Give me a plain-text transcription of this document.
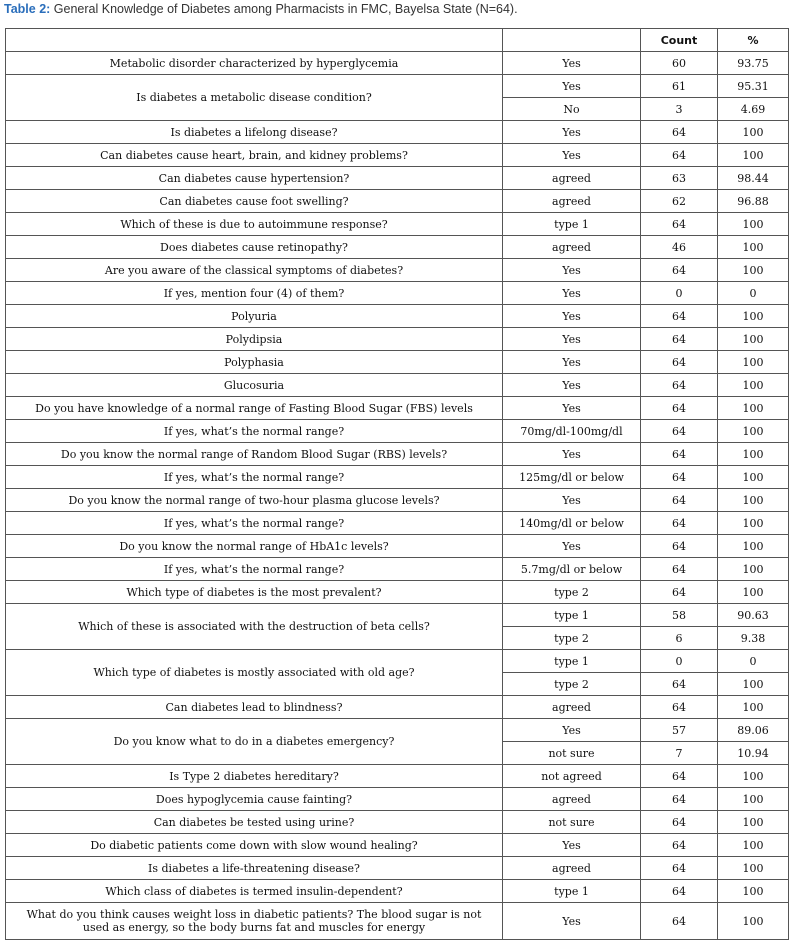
Table 2: General Knowledge of Diabetes among Pharmacists in FMC, Bayelsa State (N=64).
		Count	%
Metabolic disorder characterized by hyperglycemia	Yes	60	93.75
Is diabetes a metabolic disease condition?	Yes	61	95.31
	No	3	4.69
Is diabetes a lifelong disease?	Yes	64	100
Can diabetes cause heart, brain, and kidney problems?	Yes	64	100
Can diabetes cause hypertension?	agreed	63	98.44
Can diabetes cause foot swelling?	agreed	62	96.88
Which of these is due to autoimmune response?	type 1	64	100
Does diabetes cause retinopathy?	agreed	46	100
Are you aware of the classical symptoms of diabetes?	Yes	64	100
If yes, mention four (4) of them?	Yes	0	0
Polyuria	Yes	64	100
Polydipsia	Yes	64	100
Polyphasia	Yes	64	100
Glucosuria	Yes	64	100
Do you have knowledge of a normal range of Fasting Blood Sugar (FBS) levels	Yes	64	100
If yes, what’s the normal range?	70mg/dl-100mg/dl	64	100
Do you know the normal range of Random Blood Sugar (RBS) levels?	Yes	64	100
If yes, what’s the normal range?	125mg/dl or below	64	100
Do you know the normal range of two-hour plasma glucose levels?	Yes	64	100
If yes, what’s the normal range?	140mg/dl or below	64	100
Do you know the normal range of HbA1c levels?	Yes	64	100
If yes, what’s the normal range?	5.7mg/dl or below	64	100
Which type of diabetes is the most prevalent?	type 2	64	100
Which of these is associated with the destruction of beta cells?	type 1	58	90.63
	type 2	6	9.38
Which type of diabetes is mostly associated with old age?	type 1	0	0
	type 2	64	100
Can diabetes lead to blindness?	agreed	64	100
Do you know what to do in a diabetes emergency?	Yes	57	89.06
	not sure	7	10.94
Is Type 2 diabetes hereditary?	not agreed	64	100
Does hypoglycemia cause fainting?	agreed	64	100
Can diabetes be tested using urine?	not sure	64	100
Do diabetic patients come down with slow wound healing?	Yes	64	100
Is diabetes a life-threatening disease?	agreed	64	100
Which class of diabetes is termed insulin-dependent?	type 1	64	100
What do you think causes weight loss in diabetic patients? The blood sugar is not used as energy, so the body burns fat and muscles for energy	Yes	64	100
